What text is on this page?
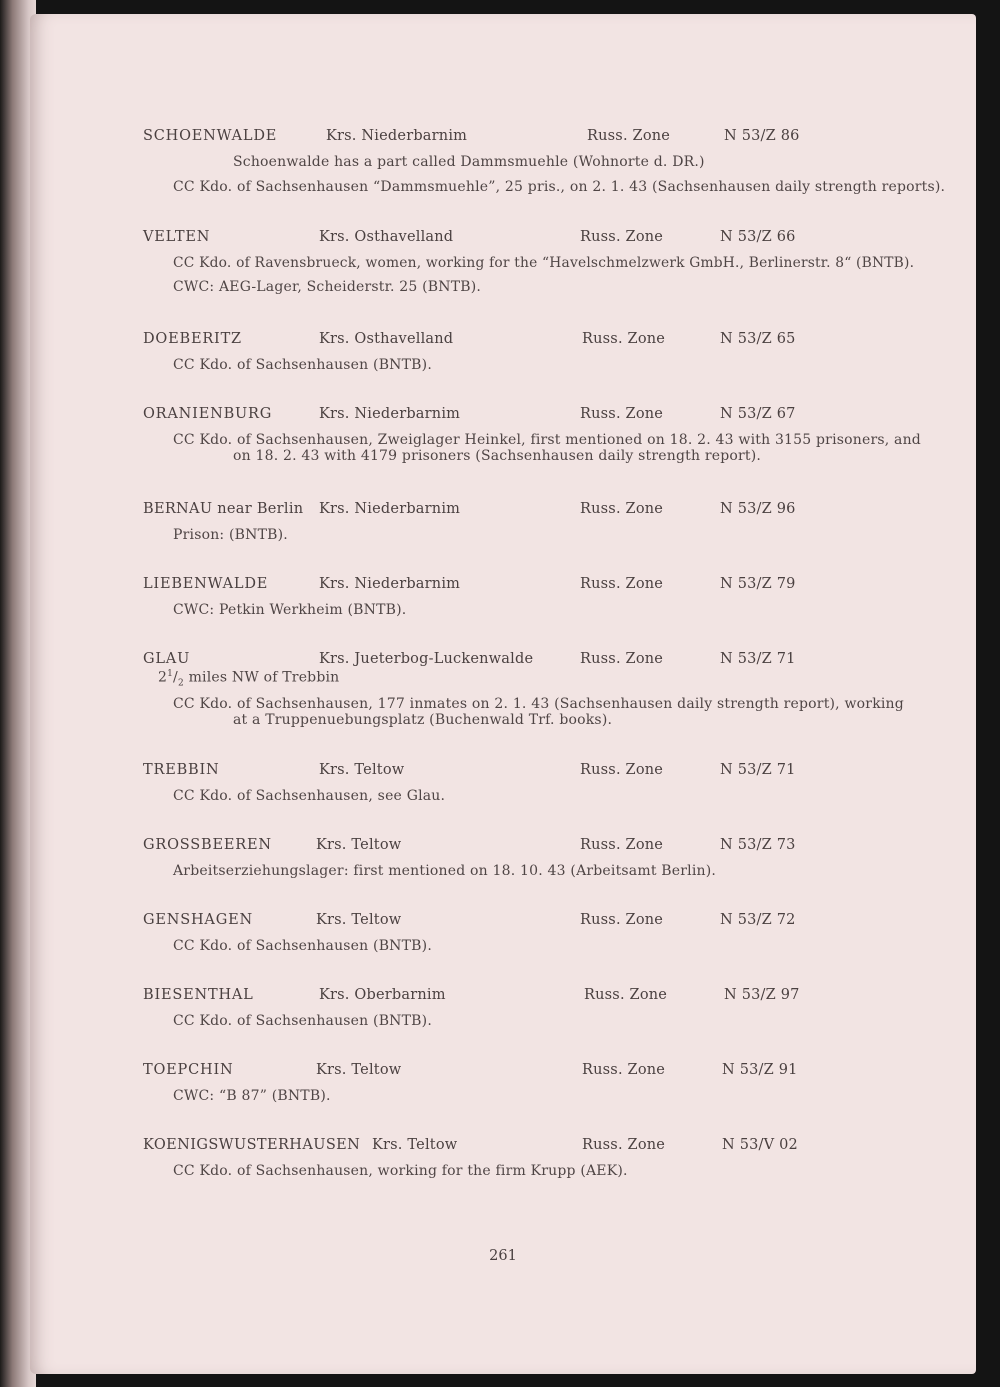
SCHOENWALDE	Krs. Niederbarnim	Russ. Zone	N 53/Z 86
Schoenwalde has a part called Dammsmuehle (Wohnorte d. DR.)
CC Kdo. of Sachsenhausen “Dammsmuehle”, 25 pris., on 2. 1. 43 (Sachsenhausen daily strength reports).
VELTEN	Krs. Osthavelland	Russ. Zone	N 53/Z 66
CC Kdo. of Ravensbrueck, women, working for the “Havelschmelzwerk GmbH., Berlinerstr. 8“ (BNTB).
CWC: AEG-Lager, Scheiderstr. 25 (BNTB).
DOEBERITZ	Krs. Osthavelland	Russ. Zone	N 53/Z 65
CC Kdo. of Sachsenhausen (BNTB).
ORANIENBURG	Krs. Niederbarnim	Russ. Zone	N 53/Z 67
CC Kdo. of Sachsenhausen, Zweiglager Heinkel, first mentioned on 18. 2. 43 with 3155 prisoners, and
on 18. 2. 43 with 4179 prisoners (Sachsenhausen daily strength report).
BERNAU near Berlin Krs. Niederbarnim	Russ. Zone	N 53/Z 96
Prison: (BNTB).
LIEBENWALDE	Krs. Niederbarnim	Russ. Zone	N 53/Z 79
CWC: Petkin Werkheim (BNTB).
GLAU	Krs. Jueterbog-Luckenwalde	Russ. Zone	N 53/Z 71
$2^1/_2$ miles NW of Trebbin
CC Kdo. of Sachsenhausen, 177 inmates on 2. 1. 43 (Sachsenhausen daily strength report), working
at a Truppenuebungsplatz (Buchenwald Trf. books).
TREBBIN	Krs. Teltow	Russ. Zone	N 53/Z 71
CC Kdo. of Sachsenhausen, see Glau.
GROSSBEEREN	Krs. Teltow	Russ. Zone	N 53/Z 73
Arbeitserziehungslager: first mentioned on 18. 10. 43 (Arbeitsamt Berlin).
GENSHAGEN	Krs. Teltow	Russ. Zone	N 53/Z 72
CC Kdo. of Sachsenhausen (BNTB).
BIESENTHAL	Krs. Oberbarnim	Russ. Zone	N 53/Z 97
CC Kdo. of Sachsenhausen (BNTB).
TOEPCHIN	Krs. Teltow	Russ. Zone	N 53/Z 91
CWC: “B 87” (BNTB).
KOENIGSWUSTERHAUSEN Krs. Teltow	Russ. Zone	N 53/V 02
CC Kdo. of Sachsenhausen, working for the firm Krupp (AEK).
261
